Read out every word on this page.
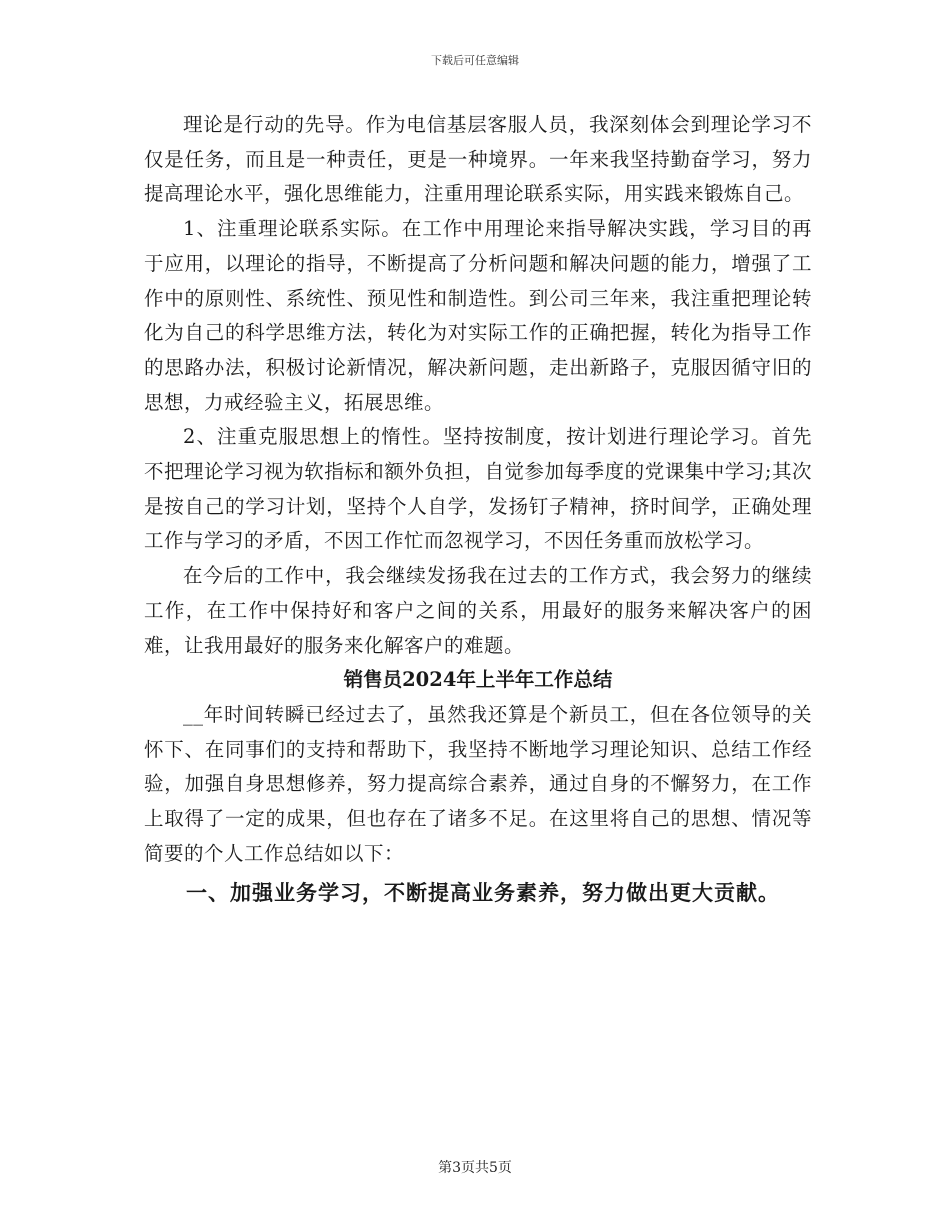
下载后可任意编辑

理论是行动的先导。作为电信基层客服人员，我深刻体会到理论学习不仅是任务，而且是一种责任，更是一种境界。一年来我坚持勤奋学习，努力提高理论水平，强化思维能力，注重用理论联系实际，用实践来锻炼自己。

1、注重理论联系实际。在工作中用理论来指导解决实践，学习目的再于应用，以理论的指导，不断提高了分析问题和解决问题的能力，增强了工作中的原则性、系统性、预见性和制造性。到公司三年来，我注重把理论转化为自己的科学思维方法，转化为对实际工作的正确把握，转化为指导工作的思路办法，积极讨论新情况，解决新问题，走出新路子，克服因循守旧的思想，力戒经验主义，拓展思维。

2、注重克服思想上的惰性。坚持按制度，按计划进行理论学习。首先不把理论学习视为软指标和额外负担，自觉参加每季度的党课集中学习;其次是按自己的学习计划，坚持个人自学，发扬钉子精神，挤时间学，正确处理工作与学习的矛盾，不因工作忙而忽视学习，不因任务重而放松学习。

在今后的工作中，我会继续发扬我在过去的工作方式，我会努力的继续工作，在工作中保持好和客户之间的关系，用最好的服务来解决客户的困难，让我用最好的服务来化解客户的难题。

销售员2024年上半年工作总结

__年时间转瞬已经过去了，虽然我还算是个新员工，但在各位领导的关怀下、在同事们的支持和帮助下，我坚持不断地学习理论知识、总结工作经验，加强自身思想修养，努力提高综合素养，通过自身的不懈努力，在工作上取得了一定的成果，但也存在了诸多不足。在这里将自己的思想、情况等简要的个人工作总结如以下：

一、加强业务学习，不断提高业务素养，努力做出更大贡献。

第3页共5页
